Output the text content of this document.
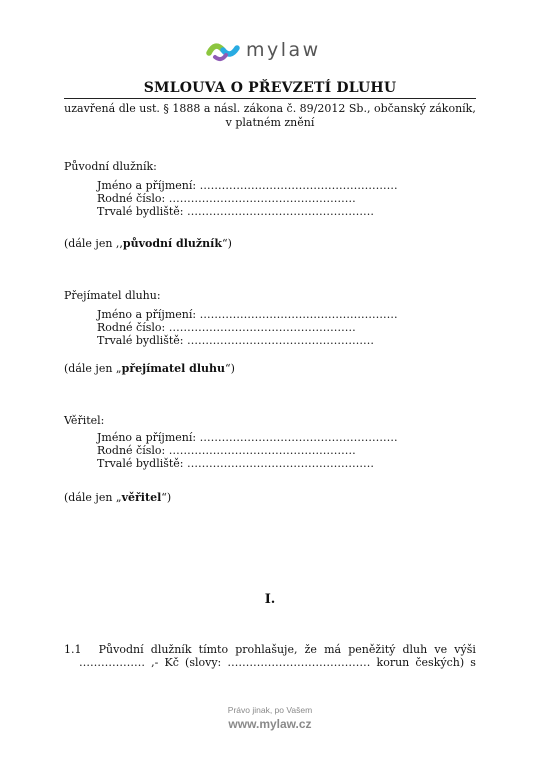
mylaw
SMLOUVA O PŘEVZETÍ DLUHU
uzavřená dle ust. § 1888 a násl. zákona č. 89/2012 Sb., občanský zákoník,
v platném znění
Původní dlužník:
Jméno a příjmení: ………………………………………………
Rodné číslo: ……………………………………………
Trvalé bydliště: ……………………………………………
(dále jen ,,původní dlužník“)
Přejímatel dluhu:
Jméno a příjmení: ………………………………………………
Rodné číslo: ……………………………………………
Trvalé bydliště: ……………………………………………
(dále jen „přejímatel dluhu“)
Věřitel:
Jméno a příjmení: ………………………………………………
Rodné číslo: ……………………………………………
Trvalé bydliště: ……………………………………………
(dále jen „věřitel“)
I.
1.1 Původní dlužník tímto prohlašuje, že má peněžitý dluh ve výši
……………… ,- Kč (slovy: ………………………………… korun českých) s
Právo jinak, po Vašem
www.mylaw.cz
